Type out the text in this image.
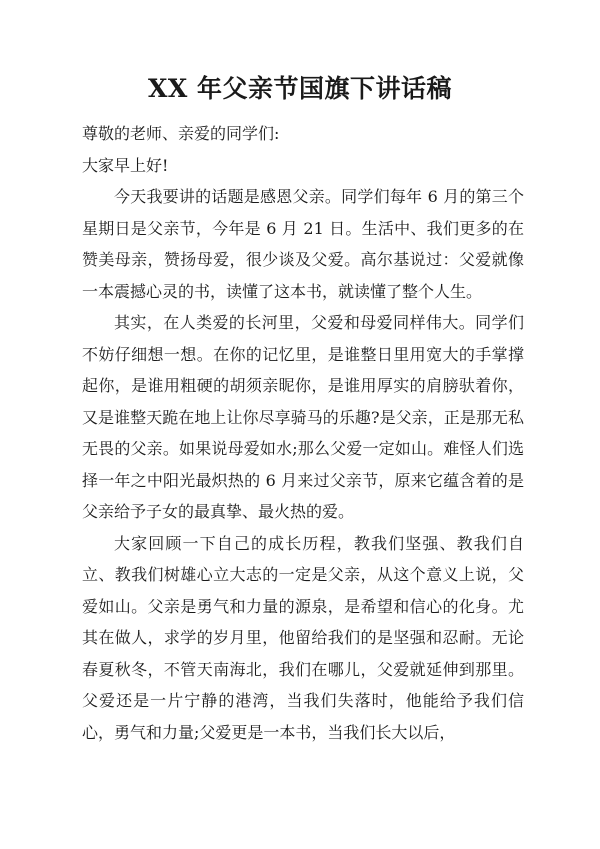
XX 年父亲节国旗下讲话稿

尊敬的老师、亲爱的同学们:

大家早上好!

今天我要讲的话题是感恩父亲。同学们每年 6 月的第三个星期日是父亲节，今年是 6 月 21 日。生活中、我们更多的在赞美母亲，赞扬母爱，很少谈及父爱。高尔基说过：父爱就像一本震撼心灵的书，读懂了这本书，就读懂了整个人生。

其实，在人类爱的长河里，父爱和母爱同样伟大。同学们不妨仔细想一想。在你的记忆里，是谁整日里用宽大的手掌撑起你，是谁用粗硬的胡须亲昵你，是谁用厚实的肩膀驮着你，又是谁整天跪在地上让你尽享骑马的乐趣?是父亲，正是那无私无畏的父亲。如果说母爱如水;那么父爱一定如山。难怪人们选择一年之中阳光最炽热的 6 月来过父亲节，原来它蕴含着的是父亲给予子女的最真挚、最火热的爱。

大家回顾一下自己的成长历程，教我们坚强、教我们自立、教我们树雄心立大志的一定是父亲，从这个意义上说，父爱如山。父亲是勇气和力量的源泉，是希望和信心的化身。尤其在做人，求学的岁月里，他留给我们的是坚强和忍耐。无论春夏秋冬，不管天南海北，我们在哪儿，父爱就延伸到那里。父爱还是一片宁静的港湾，当我们失落时，他能给予我们信心，勇气和力量;父爱更是一本书，当我们长大以后，
